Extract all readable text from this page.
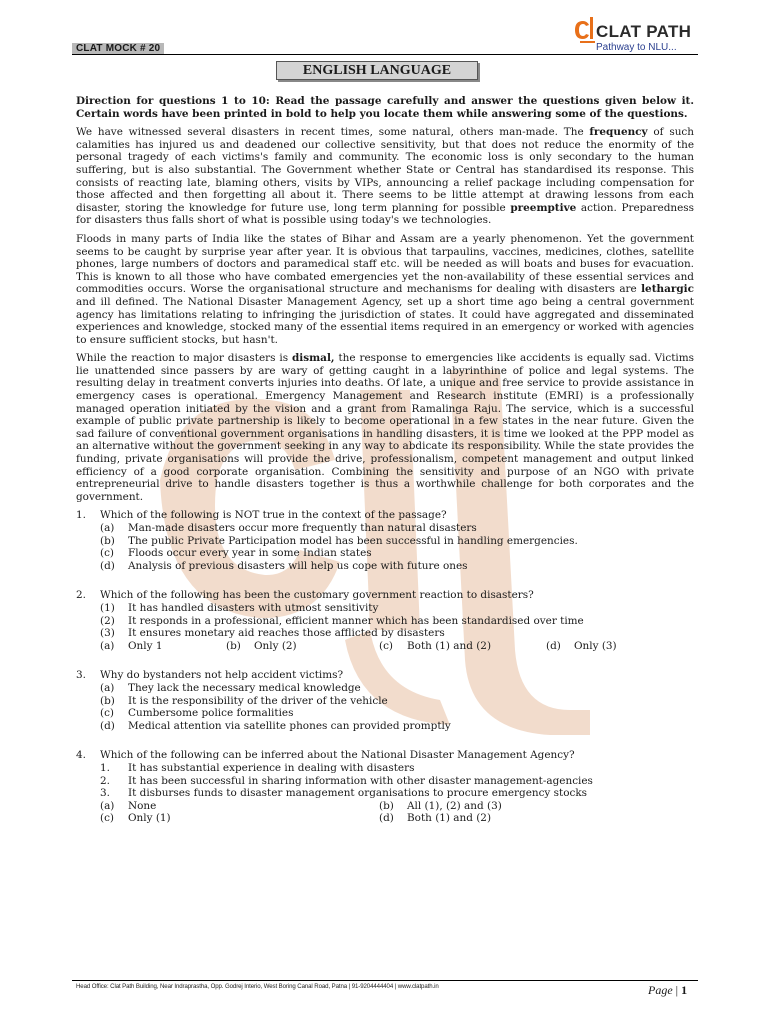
CLAT MOCK # 20
CLAT PATH
Pathway to NLU...
ENGLISH LANGUAGE

Direction for questions 1 to 10: Read the passage carefully and answer the questions given below it. Certain words have been printed in bold to help you locate them while answering some of the questions.

We have witnessed several disasters in recent times, some natural, others man-made. The frequency of such calamities has injured us and deadened our collective sensitivity, but that does not reduce the enormity of the personal tragedy of each victims's family and community. The economic loss is only secondary to the human suffering, but is also substantial. The Government whether State or Central has standardised its response. This consists of reacting late, blaming others, visits by VIPs, announcing a relief package including compensation for those affected and then forgetting all about it. There seems to be little attempt at drawing lessons from each disaster, storing the knowledge for future use, long term planning for possible preemptive action. Preparedness for disasters thus falls short of what is possible using today's we technologies.

Floods in many parts of India like the states of Bihar and Assam are a yearly phenomenon. Yet the government seems to be caught by surprise year after year. It is obvious that tarpaulins, vaccines, medicines, clothes, satellite phones, large numbers of doctors and paramedical staff etc. will be needed as will boats and buses for evacuation. This is known to all those who have combated emergencies yet the non-availability of these essential services and commodities occurs. Worse the organisational structure and mechanisms for dealing with disasters are lethargic and ill defined. The National Disaster Management Agency, set up a short time ago being a central government agency has limitations relating to infringing the jurisdiction of states. It could have aggregated and disseminated experiences and knowledge, stocked many of the essential items required in an emergency or worked with agencies to ensure sufficient stocks, but hasn't.

While the reaction to major disasters is dismal, the response to emergencies like accidents is equally sad. Victims lie unattended since passers by are wary of getting caught in a labyrinthine of police and legal systems. The resulting delay in treatment converts injuries into deaths. Of late, a unique and free service to provide assistance in emergency cases is operational. Emergency Management and Research institute (EMRI) is a professionally managed operation initiated by the vision and a grant from Ramalinga Raju. The service, which is a successful example of public private partnership is likely to become operational in a few states in the near future. Given the sad failure of conventional government organisations in handling disasters, it is time we looked at the PPP model as an alternative without the government seeking in any way to abdicate its responsibility. While the state provides the funding, private organisations will provide the drive, professionalism, competent management and output linked efficiency of a good corporate organisation. Combining the sensitivity and purpose of an NGO with private entrepreneurial drive to handle disasters together is thus a worthwhile challenge for both corporates and the government.

1. Which of the following is NOT true in the context of the passage?
(a) Man-made disasters occur more frequently than natural disasters
(b) The public Private Participation model has been successful in handling emergencies.
(c) Floods occur every year in some Indian states
(d) Analysis of previous disasters will help us cope with future ones
2. Which of the following has been the customary government reaction to disasters?
(1) It has handled disasters with utmost sensitivity
(2) It responds in a professional, efficient manner which has been standardised over time
(3) It ensures monetary aid reaches those afflicted by disasters
(a) Only 1	(b) Only (2)	(c) Both (1) and (2)	(d) Only (3)
3. Why do bystanders not help accident victims?
(a) They lack the necessary medical knowledge
(b) It is the responsibility of the driver of the vehicle
(c) Cumbersome police formalities
(d) Medical attention via satellite phones can provided promptly
4. Which of the following can be inferred about the National Disaster Management Agency?
1. It has substantial experience in dealing with disasters
2. It has been successful in sharing information with other disaster management-agencies
3. It disburses funds to disaster management organisations to procure emergency stocks
(a) None	(b) All (1), (2) and (3)
(c) Only (1)	(d) Both (1) and (2)
Head Office: Clat Path Building, Near Indraprastha, Opp. Godrej Interio, West Boring Canal Road, Patna | 91-9204444404 | www.clatpath.in	Page | 1
